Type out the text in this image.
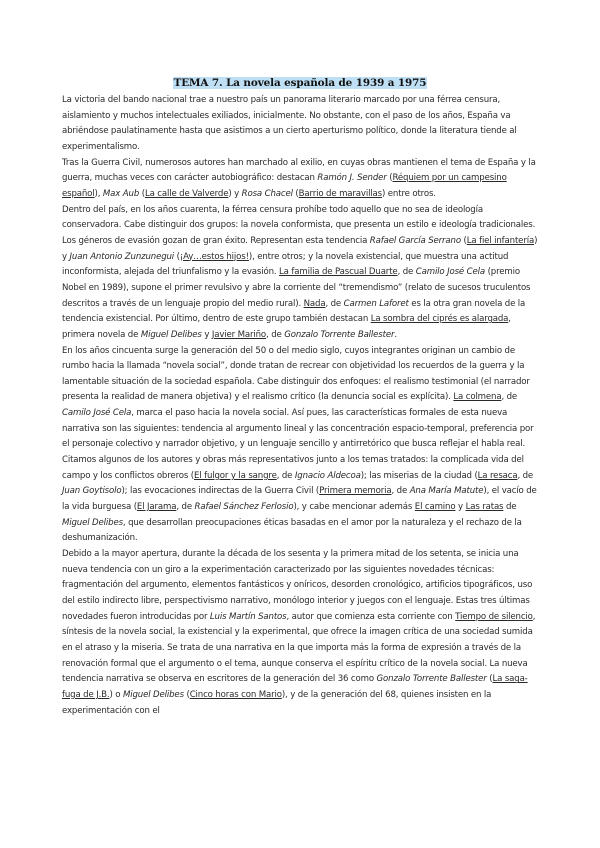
TEMA 7. La novela española de 1939 a 1975

La victoria del bando nacional trae a nuestro país un panorama literario marcado por una férrea censura, aislamiento y muchos intelectuales exiliados, inicialmente. No obstante, con el paso de los años, España va abriéndose paulatinamente hasta que asistimos a un cierto aperturismo político, donde la literatura tiende al experimentalismo.

Tras la Guerra Civil, numerosos autores han marchado al exilio, en cuyas obras mantienen el tema de España y la guerra, muchas veces con carácter autobiográfico: destacan Ramón J. Sender (Réquiem por un campesino español), Max Aub (La calle de Valverde) y Rosa Chacel (Barrio de maravillas) entre otros.

Dentro del país, en los años cuarenta, la férrea censura prohíbe todo aquello que no sea de ideología conservadora. Cabe distinguir dos grupos: la novela conformista, que presenta un estilo e ideología tradicionales. Los géneros de evasión gozan de gran éxito. Representan esta tendencia Rafael García Serrano (La fiel infantería) y Juan Antonio Zunzunegui (¡Ay…estos hijos!), entre otros; y la novela existencial, que muestra una actitud inconformista, alejada del triunfalismo y la evasión. La familia de Pascual Duarte, de Camilo José Cela (premio Nobel en 1989), supone el primer revulsivo y abre la corriente del “tremendismo” (relato de sucesos truculentos descritos a través de un lenguaje propio del medio rural). Nada, de Carmen Laforet es la otra gran novela de la tendencia existencial. Por último, dentro de este grupo también destacan La sombra del ciprés es alargada, primera novela de Miguel Delibes y Javier Mariño, de Gonzalo Torrente Ballester.

En los años cincuenta surge la generación del 50 o del medio siglo, cuyos integrantes originan un cambio de rumbo hacia la llamada “novela social”, donde tratan de recrear con objetividad los recuerdos de la guerra y la lamentable situación de la sociedad española. Cabe distinguir dos enfoques: el realismo testimonial (el narrador presenta la realidad de manera objetiva) y el realismo crítico (la denuncia social es explícita). La colmena, de Camilo José Cela, marca el paso hacia la novela social. Así pues, las características formales de esta nueva narrativa son las siguientes: tendencia al argumento lineal y las concentración espacio-temporal, preferencia por el personaje colectivo y narrador objetivo, y un lenguaje sencillo y antirretórico que busca reflejar el habla real. Citamos algunos de los autores y obras más representativos junto a los temas tratados: la complicada vida del campo y los conflictos obreros (El fulgor y la sangre, de Ignacio Aldecoa); las miserias de la ciudad (La resaca, de Juan Goytisolo); las evocaciones indirectas de la Guerra Civil (Primera memoria, de Ana María Matute), el vacío de la vida burguesa (El Jarama, de Rafael Sánchez Ferlosio), y cabe mencionar además El camino y Las ratas de Miguel Delibes, que desarrollan preocupaciones éticas basadas en el amor por la naturaleza y el rechazo de la deshumanización.

Debido a la mayor apertura, durante la década de los sesenta y la primera mitad de los setenta, se inicia una nueva tendencia con un giro a la experimentación caracterizado por las siguientes novedades técnicas: fragmentación del argumento, elementos fantásticos y oníricos, desorden cronológico, artificios tipográficos, uso del estilo indirecto libre, perspectivismo narrativo, monólogo interior y juegos con el lenguaje. Estas tres últimas novedades fueron introducidas por Luis Martín Santos, autor que comienza esta corriente con Tiempo de silencio, síntesis de la novela social, la existencial y la experimental, que ofrece la imagen crítica de una sociedad sumida en el atraso y la miseria. Se trata de una narrativa en la que importa más la forma de expresión a través de la renovación formal que el argumento o el tema, aunque conserva el espíritu crítico de la novela social. La nueva tendencia narrativa se observa en escritores de la generación del 36 como Gonzalo Torrente Ballester (La saga-fuga de J.B.) o Miguel Delibes (Cinco horas con Mario), y de la generación del 68, quienes insisten en la experimentación con el
